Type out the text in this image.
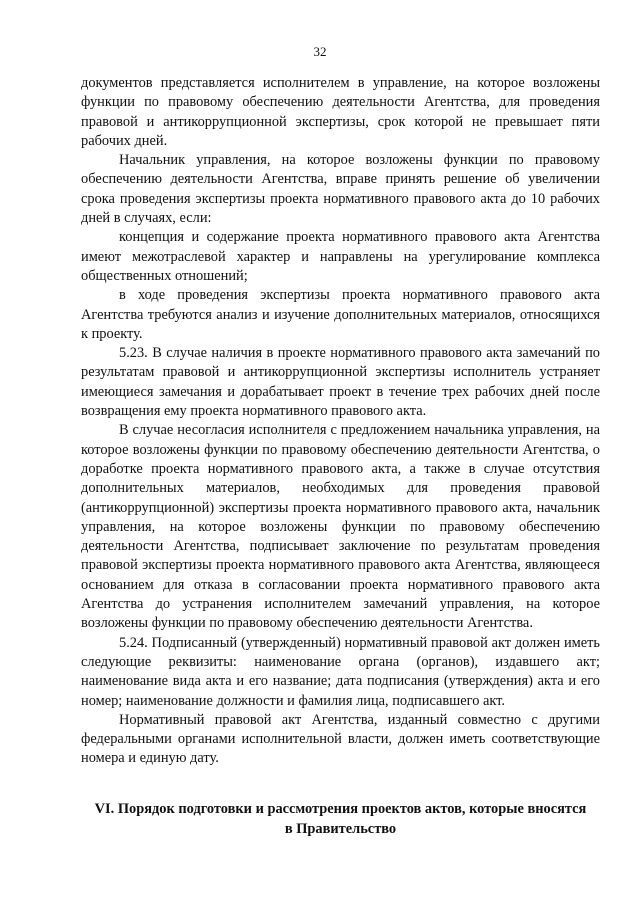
32

документов представляется исполнителем в управление, на которое возложены функции по правовому обеспечению деятельности Агентства, для проведения правовой и антикоррупционной экспертизы, срок которой не превышает пяти рабочих дней.

Начальник управления, на которое возложены функции по правовому обеспечению деятельности Агентства, вправе принять решение об увеличении срока проведения экспертизы проекта нормативного правового акта до 10 рабочих дней в случаях, если:

концепция и содержание проекта нормативного правового акта Агентства имеют межотраслевой характер и направлены на урегулирование комплекса общественных отношений;

в ходе проведения экспертизы проекта нормативного правового акта Агентства требуются анализ и изучение дополнительных материалов, относящихся к проекту.

5.23. В случае наличия в проекте нормативного правового акта замечаний по результатам правовой и антикоррупционной экспертизы исполнитель устраняет имеющиеся замечания и дорабатывает проект в течение трех рабочих дней после возвращения ему проекта нормативного правового акта.

В случае несогласия исполнителя с предложением начальника управления, на которое возложены функции по правовому обеспечению деятельности Агентства, о доработке проекта нормативного правового акта, а также в случае отсутствия дополнительных материалов, необходимых для проведения правовой (антикоррупционной) экспертизы проекта нормативного правового акта, начальник управления, на которое возложены функции по правовому обеспечению деятельности Агентства, подписывает заключение по результатам проведения правовой экспертизы проекта нормативного правового акта Агентства, являющееся основанием для отказа в согласовании проекта нормативного правового акта Агентства до устранения исполнителем замечаний управления, на которое возложены функции по правовому обеспечению деятельности Агентства.

5.24. Подписанный (утвержденный) нормативный правовой акт должен иметь следующие реквизиты: наименование органа (органов), издавшего акт; наименование вида акта и его название; дата подписания (утверждения) акта и его номер; наименование должности и фамилия лица, подписавшего акт.

Нормативный правовой акт Агентства, изданный совместно с другими федеральными органами исполнительной власти, должен иметь соответствующие номера и единую дату.

VI. Порядок подготовки и рассмотрения проектов актов, которые вносятся в Правительство
